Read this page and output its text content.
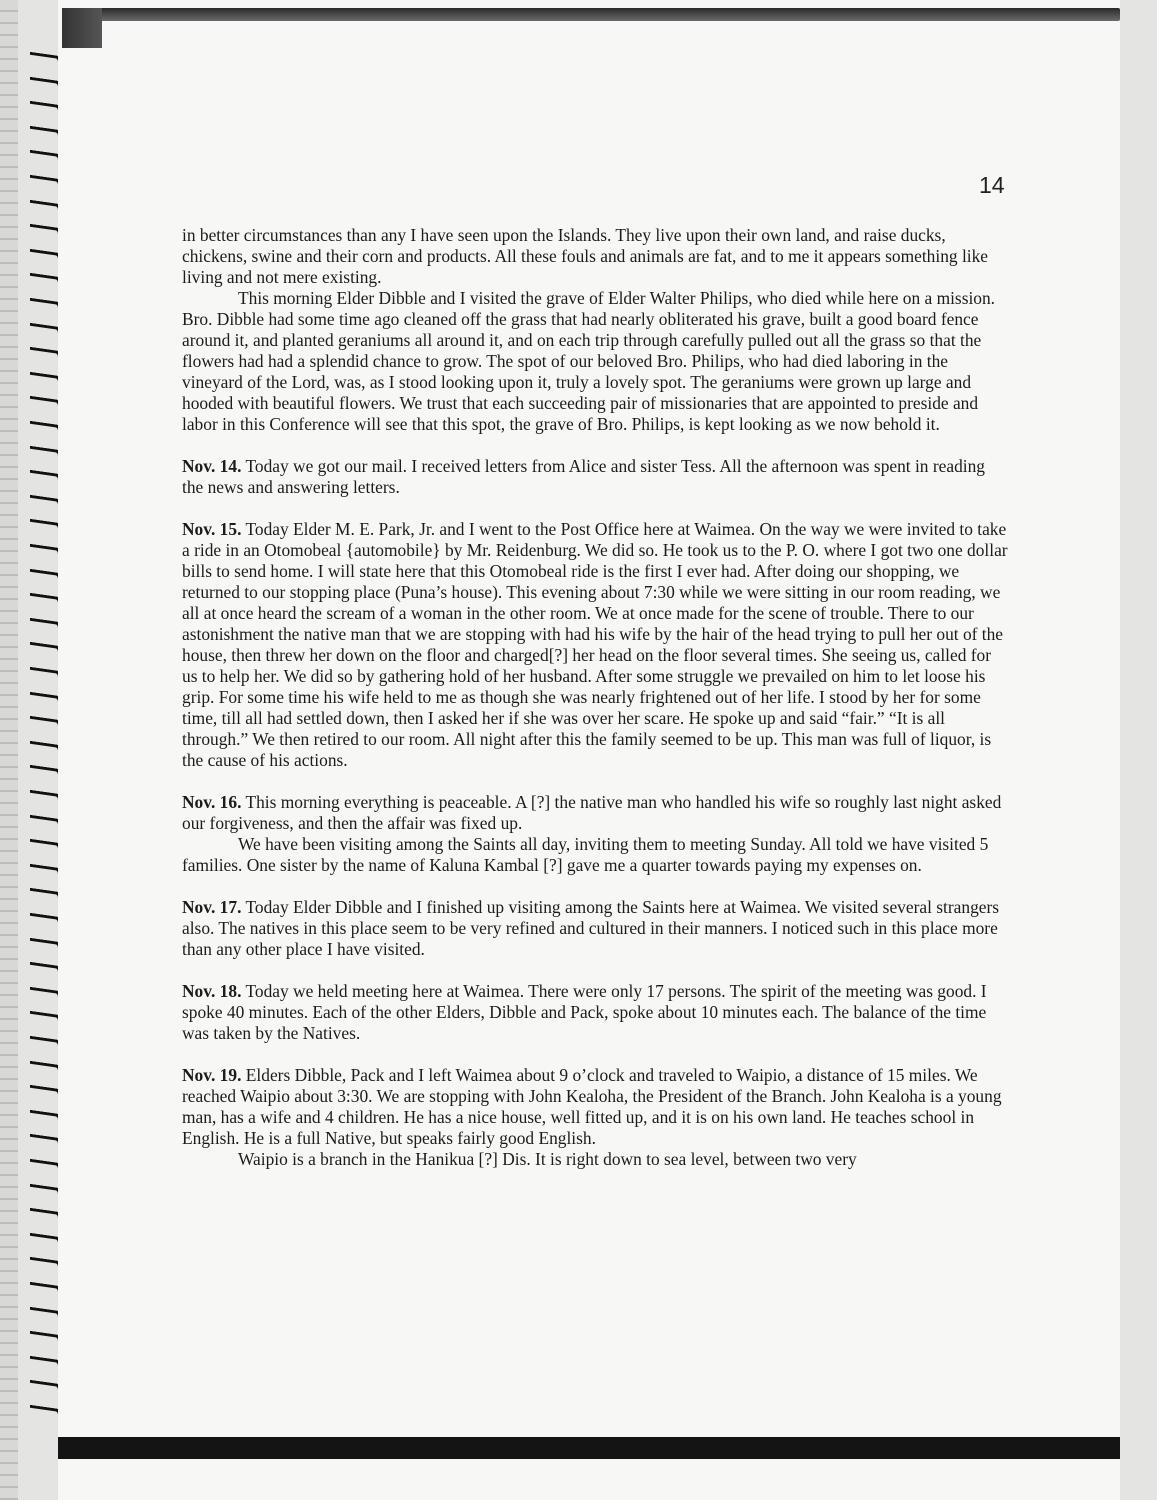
14

in better circumstances than any I have seen upon the Islands. They live upon their own land, and raise ducks, chickens, swine and their corn and products. All these fouls and animals are fat, and to me it appears something like living and not mere existing.

This morning Elder Dibble and I visited the grave of Elder Walter Philips, who died while here on a mission. Bro. Dibble had some time ago cleaned off the grass that had nearly obliterated his grave, built a good board fence around it, and planted geraniums all around it, and on each trip through carefully pulled out all the grass so that the flowers had had a splendid chance to grow. The spot of our beloved Bro. Philips, who had died laboring in the vineyard of the Lord, was, as I stood looking upon it, truly a lovely spot. The geraniums were grown up large and hooded with beautiful flowers. We trust that each succeeding pair of missionaries that are appointed to preside and labor in this Conference will see that this spot, the grave of Bro. Philips, is kept looking as we now behold it.

Nov. 14. Today we got our mail. I received letters from Alice and sister Tess. All the afternoon was spent in reading the news and answering letters.

Nov. 15. Today Elder M. E. Park, Jr. and I went to the Post Office here at Waimea. On the way we were invited to take a ride in an Otomobeal {automobile} by Mr. Reidenburg. We did so. He took us to the P. O. where I got two one dollar bills to send home. I will state here that this Otomobeal ride is the first I ever had. After doing our shopping, we returned to our stopping place (Puna’s house). This evening about 7:30 while we were sitting in our room reading, we all at once heard the scream of a woman in the other room. We at once made for the scene of trouble. There to our astonishment the native man that we are stopping with had his wife by the hair of the head trying to pull her out of the house, then threw her down on the floor and charged[?] her head on the floor several times. She seeing us, called for us to help her. We did so by gathering hold of her husband. After some struggle we prevailed on him to let loose his grip. For some time his wife held to me as though she was nearly frightened out of her life. I stood by her for some time, till all had settled down, then I asked her if she was over her scare. He spoke up and said “fair.” “It is all through.” We then retired to our room. All night after this the family seemed to be up. This man was full of liquor, is the cause of his actions.

Nov. 16. This morning everything is peaceable. A [?] the native man who handled his wife so roughly last night asked our forgiveness, and then the affair was fixed up.

We have been visiting among the Saints all day, inviting them to meeting Sunday. All told we have visited 5 families. One sister by the name of Kaluna Kambal [?] gave me a quarter towards paying my expenses on.

Nov. 17. Today Elder Dibble and I finished up visiting among the Saints here at Waimea. We visited several strangers also. The natives in this place seem to be very refined and cultured in their manners. I noticed such in this place more than any other place I have visited.

Nov. 18. Today we held meeting here at Waimea. There were only 17 persons. The spirit of the meeting was good. I spoke 40 minutes. Each of the other Elders, Dibble and Pack, spoke about 10 minutes each. The balance of the time was taken by the Natives.

Nov. 19. Elders Dibble, Pack and I left Waimea about 9 o’clock and traveled to Waipio, a distance of 15 miles. We reached Waipio about 3:30. We are stopping with John Kealoha, the President of the Branch. John Kealoha is a young man, has a wife and 4 children. He has a nice house, well fitted up, and it is on his own land. He teaches school in English. He is a full Native, but speaks fairly good English.

Waipio is a branch in the Hanikua [?] Dis. It is right down to sea level, between two very
